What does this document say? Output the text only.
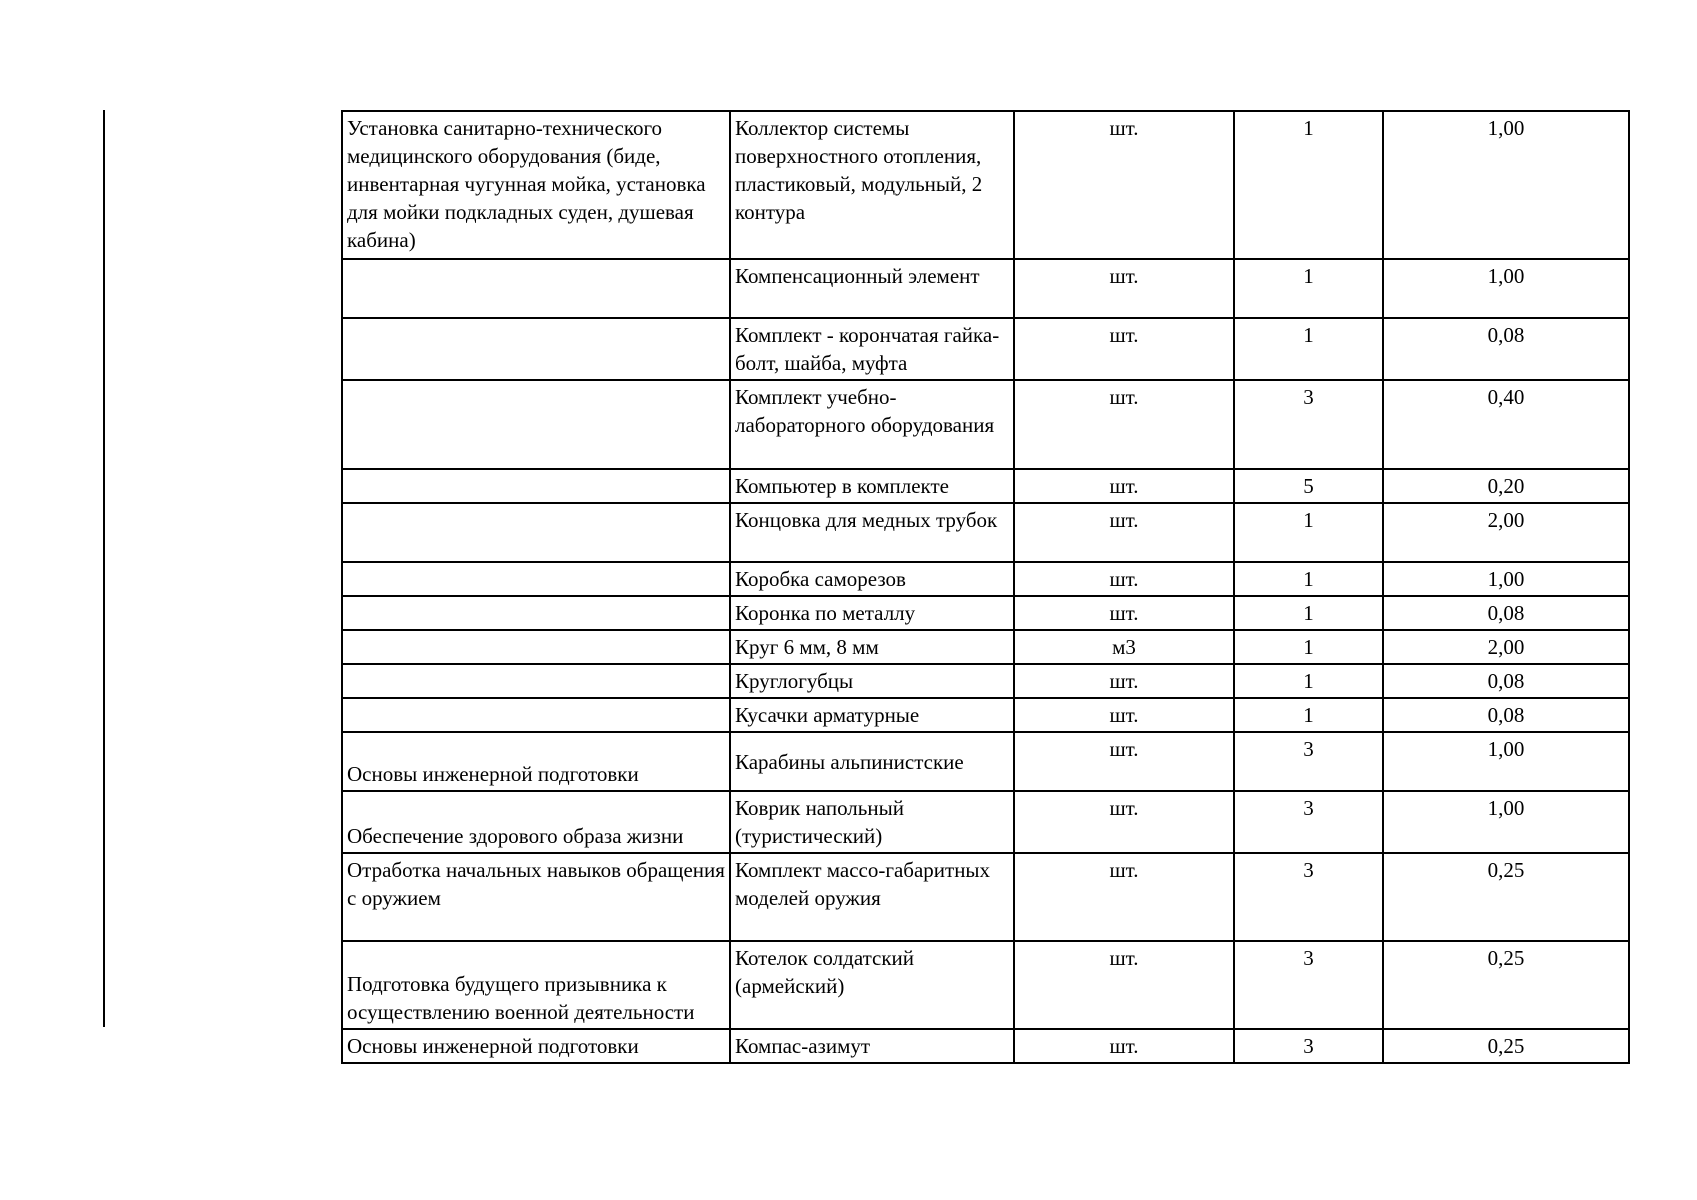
Установка санитарно-технического медицинского оборудования (биде, инвентарная чугунная мойка, установка для мойки подкладных суден, душевая кабина)	Коллектор системы поверхностного отопления, пластиковый, модульный, 2 контура	шт.	1	1,00
	Компенсационный элемент	шт.	1	1,00
	Комплект - корончатая гайка-болт, шайба, муфта	шт.	1	0,08
	Комплект учебно-лабораторного оборудования	шт.	3	0,40
	Компьютер в комплекте	шт.	5	0,20
	Концовка для медных трубок	шт.	1	2,00
	Коробка саморезов	шт.	1	1,00
	Коронка по металлу	шт.	1	0,08
	Круг 6 мм, 8 мм	м3	1	2,00
	Круглогубцы	шт.	1	0,08
	Кусачки арматурные	шт.	1	0,08
Основы инженерной подготовки	Карабины альпинистские	шт.	3	1,00
Обеспечение здорового образа жизни	Коврик напольный (туристический)	шт.	3	1,00
Отработка начальных навыков обращения с оружием	Комплект массо-габаритных моделей оружия	шт.	3	0,25
Подготовка будущего призывника к осуществлению военной деятельности	Котелок солдатский (армейский)	шт.	3	0,25
Основы инженерной подготовки	Компас-азимут	шт.	3	0,25
